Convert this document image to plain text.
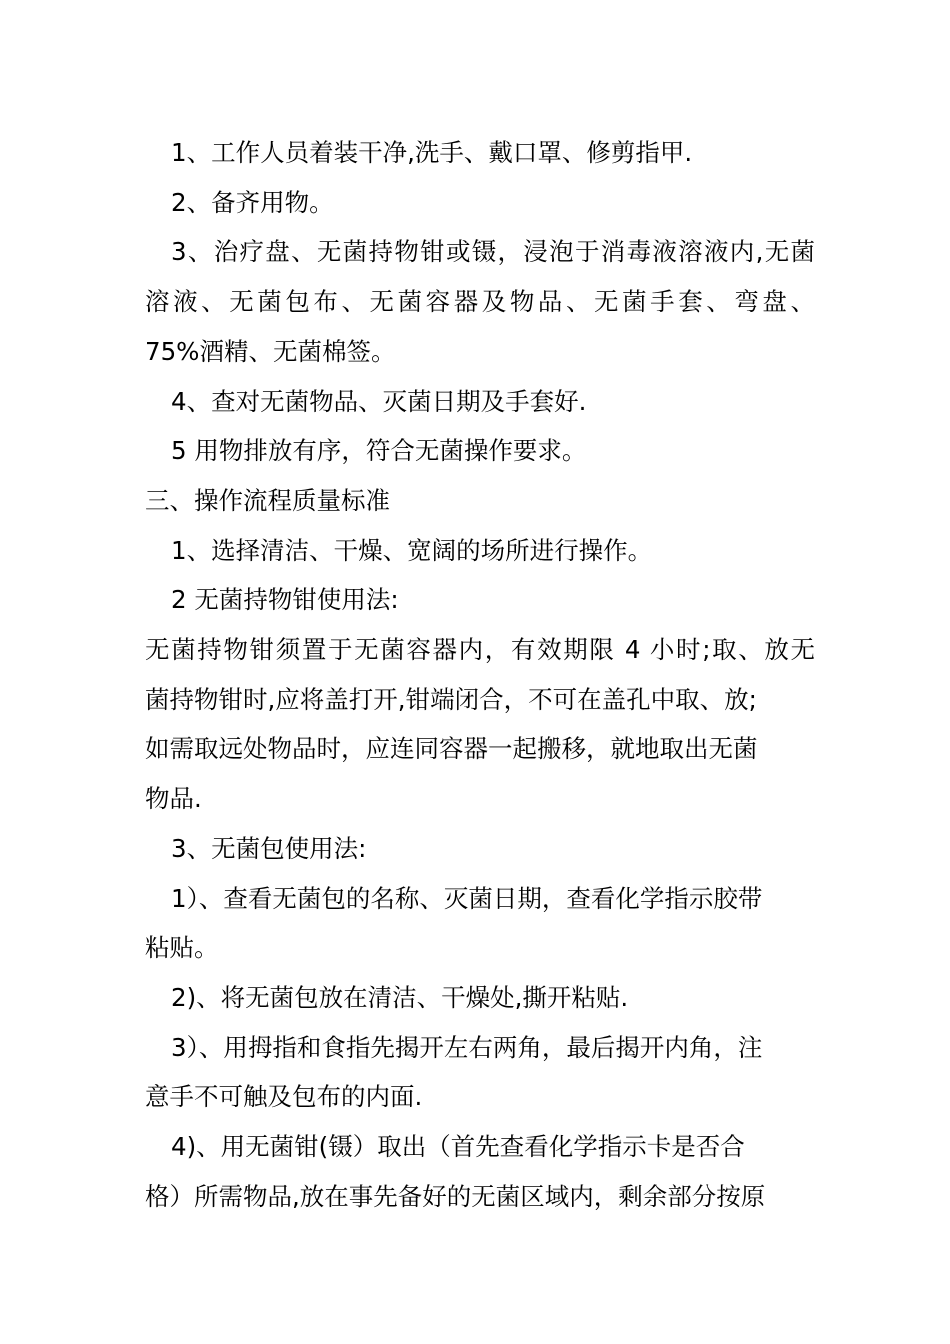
1、工作人员着装干净,洗手、戴口罩、修剪指甲.

2、备齐用物。

3、治疗盘、无菌持物钳或镊，浸泡于消毒液溶液内,无菌

溶液、无菌包布、无菌容器及物品、无菌手套、弯盘、

75%酒精、无菌棉签。

4、查对无菌物品、灭菌日期及手套好.

5 用物排放有序，符合无菌操作要求。

三、操作流程质量标准

1、选择清洁、干燥、宽阔的场所进行操作。

2 无菌持物钳使用法:

无菌持物钳须置于无菌容器内，有效期限 4 小时;取、放无

菌持物钳时,应将盖打开,钳端闭合，不可在盖孔中取、放;

如需取远处物品时，应连同容器一起搬移，就地取出无菌

物品.

3、无菌包使用法:

1）、查看无菌包的名称、灭菌日期，查看化学指示胶带

粘贴。

2)、将无菌包放在清洁、干燥处,撕开粘贴.

3）、用拇指和食指先揭开左右两角，最后揭开内角，注

意手不可触及包布的内面.

4)、用无菌钳(镊）取出（首先查看化学指示卡是否合

格）所需物品,放在事先备好的无菌区域内，剩余部分按原
